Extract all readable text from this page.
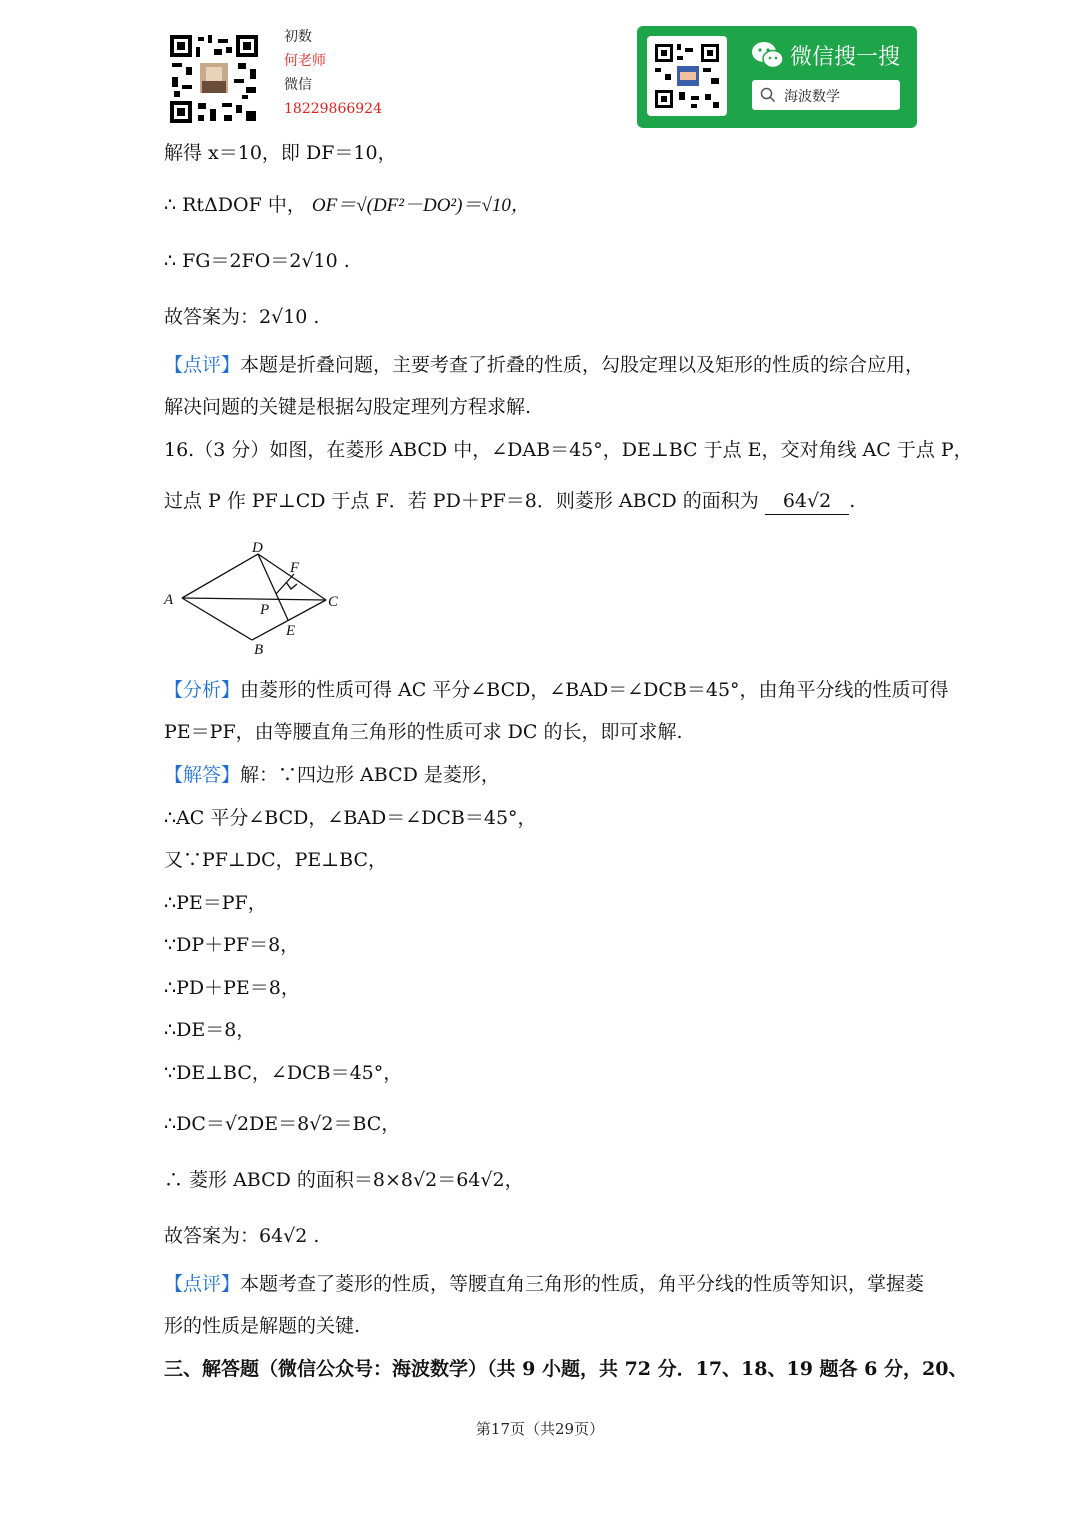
初数
何老师
微信
18229866924
微信搜一搜
海波数学
解得 x＝10，即 DF＝10，
∴ RtΔDOF 中， OF＝√(DF²－DO²)＝√10，
∴ FG＝2FO＝2√10 .
故答案为：2√10 .
【点评】本题是折叠问题，主要考查了折叠的性质，勾股定理以及矩形的性质的综合应用，
解决问题的关键是根据勾股定理列方程求解.
16.（3 分）如图，在菱形 ABCD 中，∠DAB＝45°，DE⊥BC 于点 E，交对角线 AC 于点 P，
过点 P 作 PF⊥CD 于点 F．若 PD＋PF＝8．则菱形 ABCD 的面积为 64√2 .
D
F
A
P	C
E
B
【分析】由菱形的性质可得 AC 平分∠BCD，∠BAD＝∠DCB＝45°，由角平分线的性质可得
PE＝PF，由等腰直角三角形的性质可求 DC 的长，即可求解.
【解答】解：∵四边形 ABCD 是菱形，
∴AC 平分∠BCD，∠BAD＝∠DCB＝45°，
又∵PF⊥DC，PE⊥BC，
∴PE＝PF，
∵DP＋PF＝8，
∴PD＋PE＝8，
∴DE＝8，
∵DE⊥BC，∠DCB＝45°，
∴DC＝√2DE＝8√2＝BC，
∴ 菱形 ABCD 的面积＝8×8√2＝64√2，
故答案为：64√2 .
【点评】本题考查了菱形的性质，等腰直角三角形的性质，角平分线的性质等知识，掌握菱
形的性质是解题的关键.
三、解答题（微信公众号：海波数学）（共 9 小题，共 72 分．17、18、19 题各 6 分，20、
第17页（共29页）
